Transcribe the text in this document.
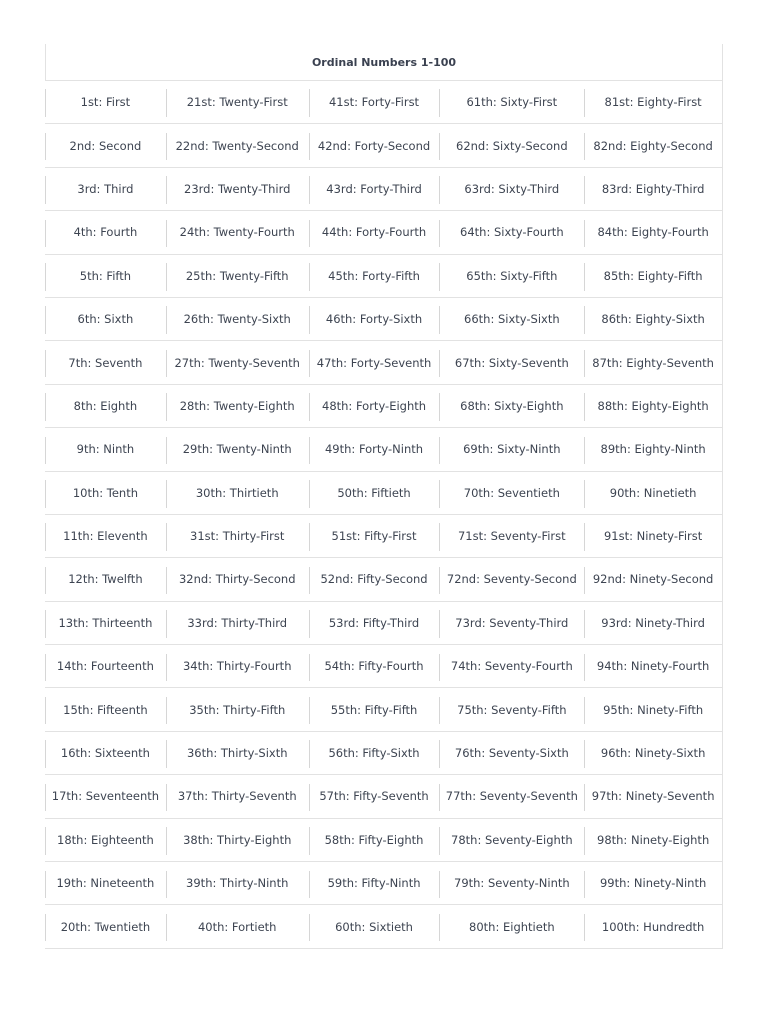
Ordinal Numbers 1-100
1st: First	21st: Twenty-First	41st: Forty-First	61th: Sixty-First	81st: Eighty-First
2nd: Second	22nd: Twenty-Second	42nd: Forty-Second	62nd: Sixty-Second	82nd: Eighty-Second
3rd: Third	23rd: Twenty-Third	43rd: Forty-Third	63rd: Sixty-Third	83rd: Eighty-Third
4th: Fourth	24th: Twenty-Fourth	44th: Forty-Fourth	64th: Sixty-Fourth	84th: Eighty-Fourth
5th: Fifth	25th: Twenty-Fifth	45th: Forty-Fifth	65th: Sixty-Fifth	85th: Eighty-Fifth
6th: Sixth	26th: Twenty-Sixth	46th: Forty-Sixth	66th: Sixty-Sixth	86th: Eighty-Sixth
7th: Seventh	27th: Twenty-Seventh	47th: Forty-Seventh	67th: Sixty-Seventh	87th: Eighty-Seventh
8th: Eighth	28th: Twenty-Eighth	48th: Forty-Eighth	68th: Sixty-Eighth	88th: Eighty-Eighth
9th: Ninth	29th: Twenty-Ninth	49th: Forty-Ninth	69th: Sixty-Ninth	89th: Eighty-Ninth
10th: Tenth	30th: Thirtieth	50th: Fiftieth	70th: Seventieth	90th: Ninetieth
11th: Eleventh	31st: Thirty-First	51st: Fifty-First	71st: Seventy-First	91st: Ninety-First
12th: Twelfth	32nd: Thirty-Second	52nd: Fifty-Second	72nd: Seventy-Second	92nd: Ninety-Second
13th: Thirteenth	33rd: Thirty-Third	53rd: Fifty-Third	73rd: Seventy-Third	93rd: Ninety-Third
14th: Fourteenth	34th: Thirty-Fourth	54th: Fifty-Fourth	74th: Seventy-Fourth	94th: Ninety-Fourth
15th: Fifteenth	35th: Thirty-Fifth	55th: Fifty-Fifth	75th: Seventy-Fifth	95th: Ninety-Fifth
16th: Sixteenth	36th: Thirty-Sixth	56th: Fifty-Sixth	76th: Seventy-Sixth	96th: Ninety-Sixth
17th: Seventeenth	37th: Thirty-Seventh	57th: Fifty-Seventh	77th: Seventy-Seventh	97th: Ninety-Seventh
18th: Eighteenth	38th: Thirty-Eighth	58th: Fifty-Eighth	78th: Seventy-Eighth	98th: Ninety-Eighth
19th: Nineteenth	39th: Thirty-Ninth	59th: Fifty-Ninth	79th: Seventy-Ninth	99th: Ninety-Ninth
20th: Twentieth	40th: Fortieth	60th: Sixtieth	80th: Eightieth	100th: Hundredth
